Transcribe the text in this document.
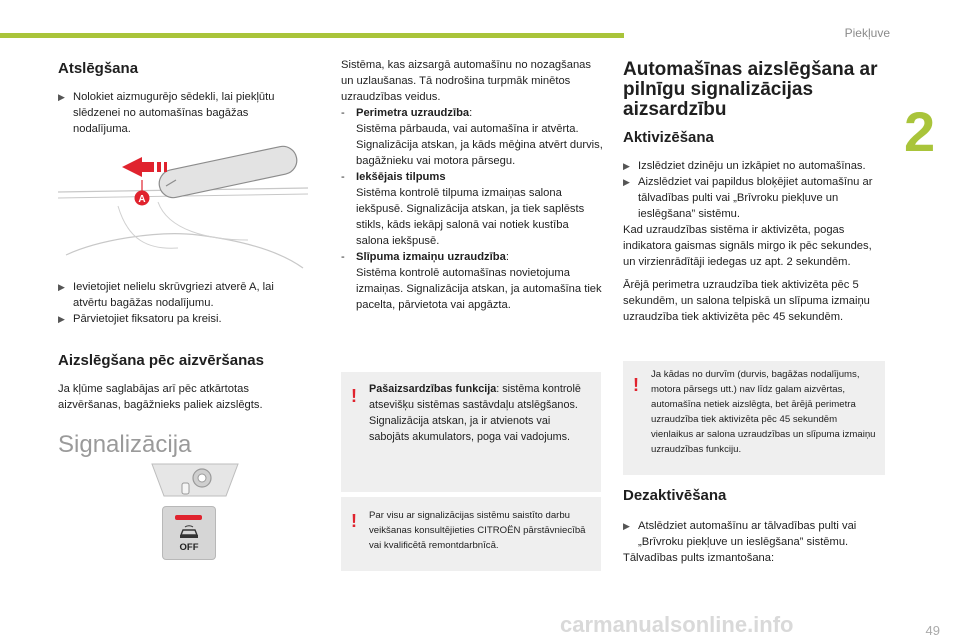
Piekļuve
2
Atslēgšana

▶ Nolokiet aizmugurējo sēdekli, lai piekļūtu slēdzenei no automašīnas bagāžas nodalījuma.

A

▶ Ievietojiet nelielu skrūvgriezi atverē A, lai atvērtu bagāžas nodalījumu.

▶ Pārvietojiet fiksatoru pa kreisi.

Aizslēgšana pēc aizvēršanas

Ja kļūme saglabājas arī pēc atkārtotas aizvēršanas, bagāžnieks paliek aizslēgts.

Signalizācija
OFF

Sistēma, kas aizsargā automašīnu no nozagšanas un uzlaušanas. Tā nodrošina turpmāk minētos uzraudzības veidus.

- Perimetra uzraudzība:
Sistēma pārbauda, vai automašīna ir atvērta. Signalizācija atskan, ja kāds mēģina atvērt durvis, bagāžnieku vai motora pārsegu.
- Iekšējais tilpums
Sistēma kontrolē tilpuma izmaiņas salona iekšpusē. Signalizācija atskan, ja tiek saplēsts stikls, kāds iekāpj salonā vai notiek kustība salona iekšpusē.
- Slīpuma izmaiņu uzraudzība:
Sistēma kontrolē automašīnas novietojuma izmaiņas. Signalizācija atskan, ja automašīna tiek pacelta, pārvietota vai apgāzta.
! Pašaizsardzības funkcija: sistēma kontrolē atsevišķu sistēmas sastāvdaļu atslēgšanos. Signalizācija atskan, ja ir atvienots vai sabojāts akumulators, poga vai vadojums.
! Par visu ar signalizācijas sistēmu saistīto darbu veikšanas konsultējieties CITROËN pārstāvniecībā vai kvalificētā remontdarbnīcā.
Automašīnas aizslēgšana ar pilnīgu signalizācijas aizsardzību
Aktivizēšana

▶ Izslēdziet dzinēju un izkāpiet no automašīnas.

▶ Aizslēdziet vai papildus bloķējiet automašīnu ar tālvadības pulti vai „Brīvroku piekļuve un ieslēgšana” sistēmu.

Kad uzraudzības sistēma ir aktivizēta, pogas indikatora gaismas signāls mirgo ik pēc sekundes, un virzienrādītāji iedegas uz apt. 2 sekundēm.

Ārējā perimetra uzraudzība tiek aktivizēta pēc 5 sekundēm, un salona telpiskā un slīpuma izmaiņu uzraudzība tiek aktivizēta pēc 45 sekundēm.

!
Ja kādas no durvīm (durvis, bagāžas nodalījums, motora pārsegs utt.) nav līdz galam aizvērtas, automašīna netiek aizslēgta, bet ārējā perimetra uzraudzība tiek aktivizēta pēc 45 sekundēm vienlaikus ar salona uzraudzības un slīpuma izmaiņu uzraudzības funkciju.
Dezaktivēšana

▶ Atslēdziet automašīnu ar tālvadības pulti vai „Brīvroku piekļuve un ieslēgšana” sistēmu.

Tālvadības pults izmantošana:

49
carmanualsonline.info
